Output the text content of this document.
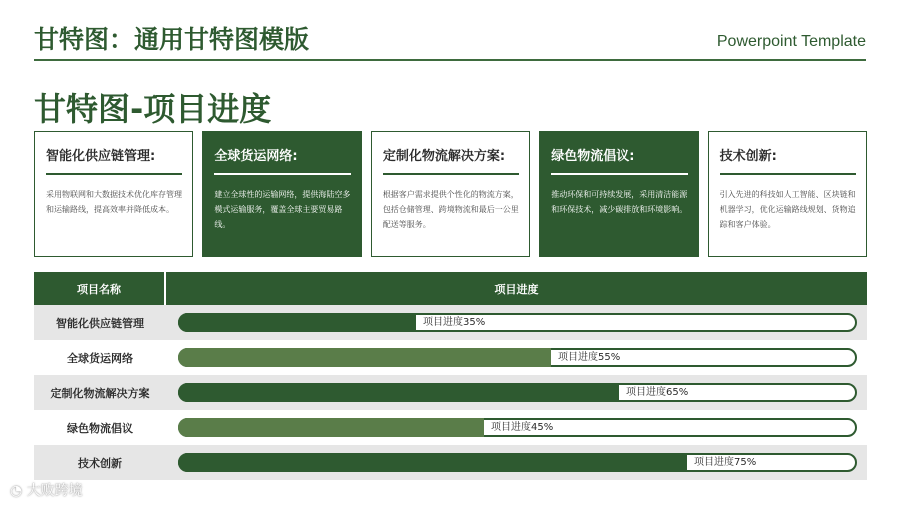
甘特图：通用甘特图模版	Powerpoint Template
甘特图-项目进度
智能化供应链管理:
采用物联网和大数据技术优化库存管理和运输路线，提高效率并降低成本。
全球货运网络:
建立全球性的运输网络，提供海陆空多模式运输服务，覆盖全球主要贸易路线。
定制化物流解决方案:
根据客户需求提供个性化的物流方案，包括仓储管理、跨境物流和最后一公里配送等服务。
绿色物流倡议:
推动环保和可持续发展，采用清洁能源和环保技术，减少碳排放和环境影响。
技术创新:
引入先进的科技如人工智能、区块链和机器学习，优化运输路线规划、货物追踪和客户体验。
项目名称	项目进度
智能化供应链管理	项目进度35%
全球货运网络	项目进度55%
定制化物流解决方案	项目进度65%
绿色物流倡议	项目进度45%
技术创新	项目进度75%
◔ 大败跨境
